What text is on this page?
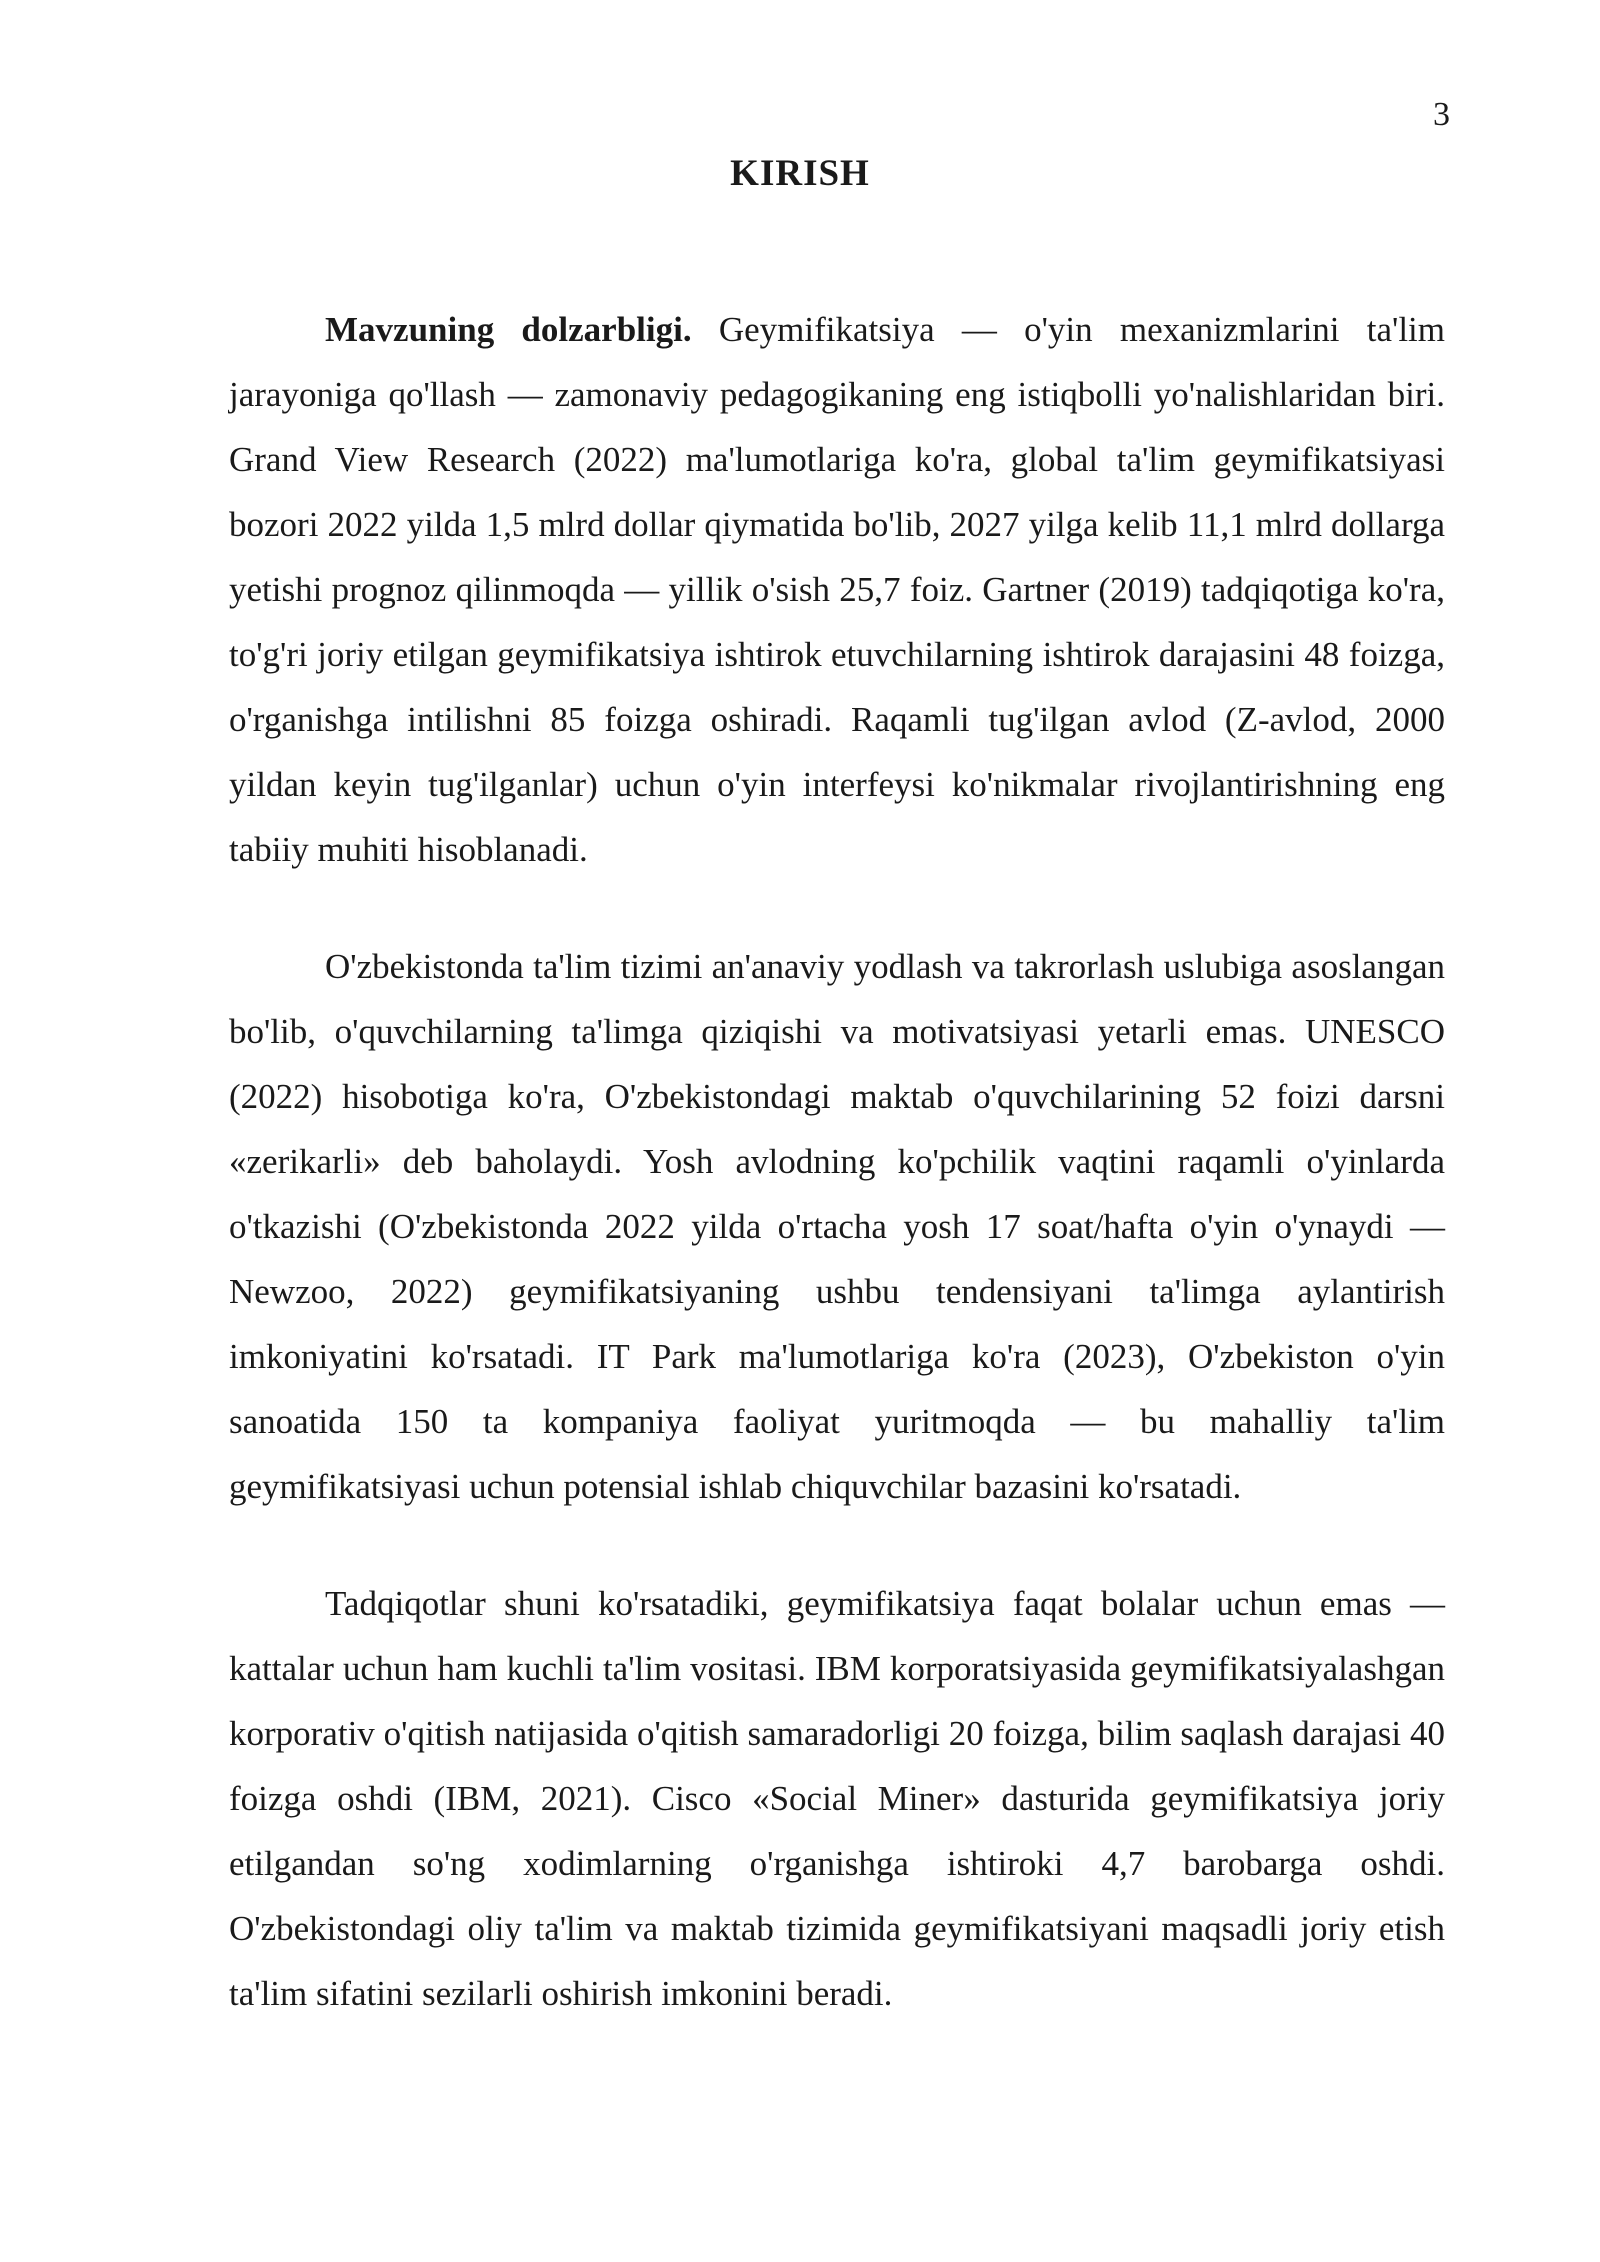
3
KIRISH

Mavzuning dolzarbligi. Geymifikatsiya — o'yin mexanizmlarini ta'lim jarayoniga qo'llash — zamonaviy pedagogikaning eng istiqbolli yo'nalishlaridan biri. Grand View Research (2022) ma'lumotlariga ko'ra, global ta'lim geymifikatsiyasi bozori 2022 yilda 1,5 mlrd dollar qiymatida bo'lib, 2027 yilga kelib 11,1 mlrd dollarga yetishi prognoz qilinmoqda — yillik o'sish 25,7 foiz. Gartner (2019) tadqiqotiga ko'ra, to'g'ri joriy etilgan geymifikatsiya ishtirok etuvchilarning ishtirok darajasini 48 foizga, o'rganishga intilishni 85 foizga oshiradi. Raqamli tug'ilgan avlod (Z-avlod, 2000 yildan keyin tug'ilganlar) uchun o'yin interfeysi ko'nikmalar rivojlantirishning eng tabiiy muhiti hisoblanadi.

O'zbekistonda ta'lim tizimi an'anaviy yodlash va takrorlash uslubiga asoslangan bo'lib, o'quvchilarning ta'limga qiziqishi va motivatsiyasi yetarli emas. UNESCO (2022) hisobotiga ko'ra, O'zbekistondagi maktab o'quvchilarining 52 foizi darsni «zerikarli» deb baholaydi. Yosh avlodning ko'pchilik vaqtini raqamli o'yinlarda o'tkazishi (O'zbekistonda 2022 yilda o'rtacha yosh 17 soat/hafta o'yin o'ynaydi — Newzoo, 2022) geymifikatsiyaning ushbu tendensiyani ta'limga aylantirish imkoniyatini ko'rsatadi. IT Park ma'lumotlariga ko'ra (2023), O'zbekiston o'yin sanoatida 150 ta kompaniya faoliyat yuritmoqda — bu mahalliy ta'lim geymifikatsiyasi uchun potensial ishlab chiquvchilar bazasini ko'rsatadi.

Tadqiqotlar shuni ko'rsatadiki, geymifikatsiya faqat bolalar uchun emas — kattalar uchun ham kuchli ta'lim vositasi. IBM korporatsiyasida geymifikatsiyalashgan korporativ o'qitish natijasida o'qitish samaradorligi 20 foizga, bilim saqlash darajasi 40 foizga oshdi (IBM, 2021). Cisco «Social Miner» dasturida geymifikatsiya joriy etilgandan so'ng xodimlarning o'rganishga ishtiroki 4,7 barobarga oshdi. O'zbekistondagi oliy ta'lim va maktab tizimida geymifikatsiyani maqsadli joriy etish ta'lim sifatini sezilarli oshirish imkonini beradi.
